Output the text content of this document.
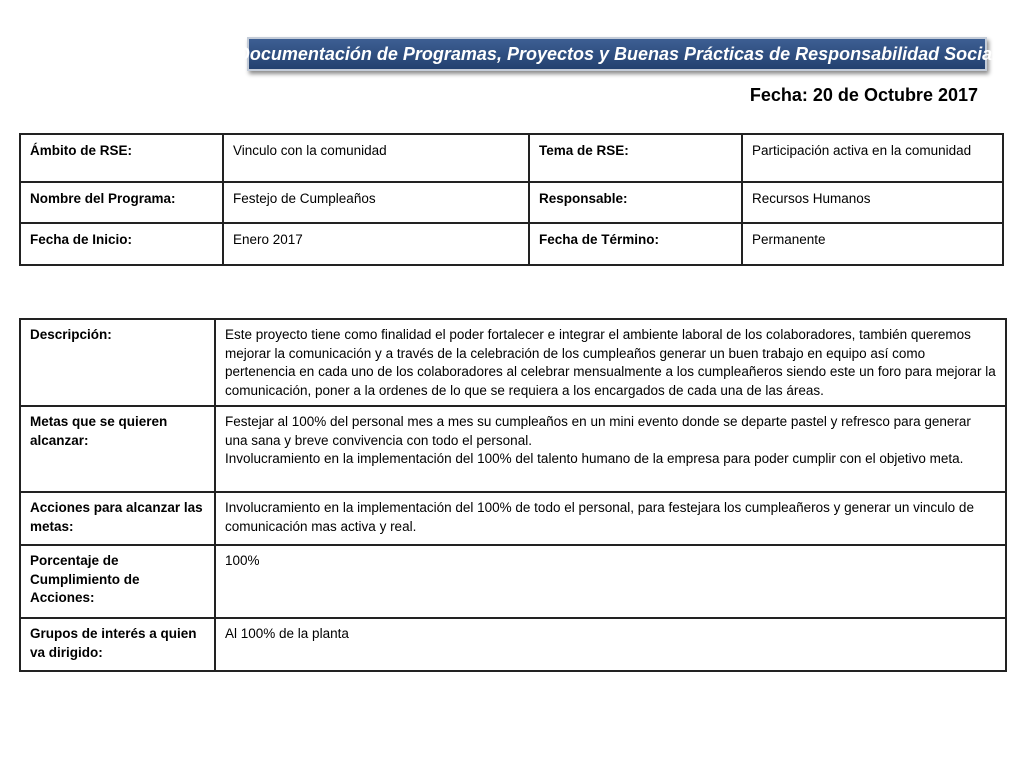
Documentación de Programas, Proyectos y Buenas Prácticas de Responsabilidad Social
Fecha: 20 de Octubre 2017
Ámbito de RSE:	Vinculo con la comunidad	Tema de RSE:	Participación activa en la comunidad
Nombre del Programa:	Festejo de Cumpleaños	Responsable:	Recursos Humanos
Fecha de Inicio:	Enero 2017	Fecha de Término:	Permanente
Descripción:	Este proyecto tiene como finalidad el poder fortalecer e integrar el ambiente laboral de los colaboradores, también queremos mejorar la comunicación y a través de la celebración de los cumpleaños generar un buen trabajo en equipo así como pertenencia en cada uno de los colaboradores al celebrar mensualmente a los cumpleañeros siendo este un foro para mejorar la comunicación, poner a la ordenes de lo que se requiera a los encargados de cada una de las áreas.
Metas que se quieren alcanzar:	Festejar al 100% del personal mes a mes su cumpleaños en un mini evento donde se departe pastel y refresco para generar una sana y breve convivencia con todo el personal.
Involucramiento en la implementación del 100% del talento humano de la empresa para poder cumplir con el objetivo meta.

Acciones para alcanzar las metas:	Involucramiento en la implementación del 100% de todo el personal, para festejara los cumpleañeros y generar un vinculo de comunicación mas activa y real.
Porcentaje de Cumplimiento de Acciones:	100%
Grupos de interés a quien va dirigido:	Al 100% de la planta
